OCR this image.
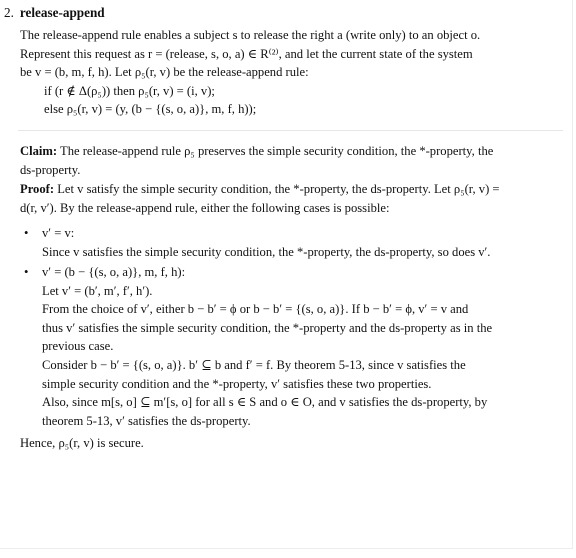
2. release-append
The release-append rule enables a subject s to release the right a (write only) to an object o.
Represent this request as r = (release, s, o, a) ∈ R⁽²⁾, and let the current state of the system
be v = (b, m, f, h). Let ρ₅(r, v) be the release-append rule:
if (r ∉ Δ(ρ₅)) then ρ₅(r, v) = (i, v);
else ρ₅(r, v) = (y, (b − {(s, o, a)}, m, f, h));
Claim: The release-append rule ρ₅ preserves the simple security condition, the *-property, the
ds-property.
Proof: Let v satisfy the simple security condition, the *-property, the ds-property. Let ρ₅(r, v) =
d(r, v′). By the release-append rule, either the following cases is possible:
• v′ = v:
Since v satisfies the simple security condition, the *-property, the ds-property, so does v′.
• v′ = (b − {(s, o, a)}, m, f, h):
Let v′ = (b′, m′, f′, h′).
From the choice of v′, either b − b′ = ϕ or b − b′ = {(s, o, a)}. If b − b′ = ϕ, v′ = v and
thus v′ satisfies the simple security condition, the *-property and the ds-property as in the
previous case.
Consider b − b′ = {(s, o, a)}. b′ ⊆ b and f′ = f. By theorem 5-13, since v satisfies the
simple security condition and the *-property, v′ satisfies these two properties.
Also, since m[s, o] ⊆ m′[s, o] for all s ∈ S and o ∈ O, and v satisfies the ds-property, by
theorem 5-13, v′ satisfies the ds-property.
Hence, ρ₅(r, v) is secure.
